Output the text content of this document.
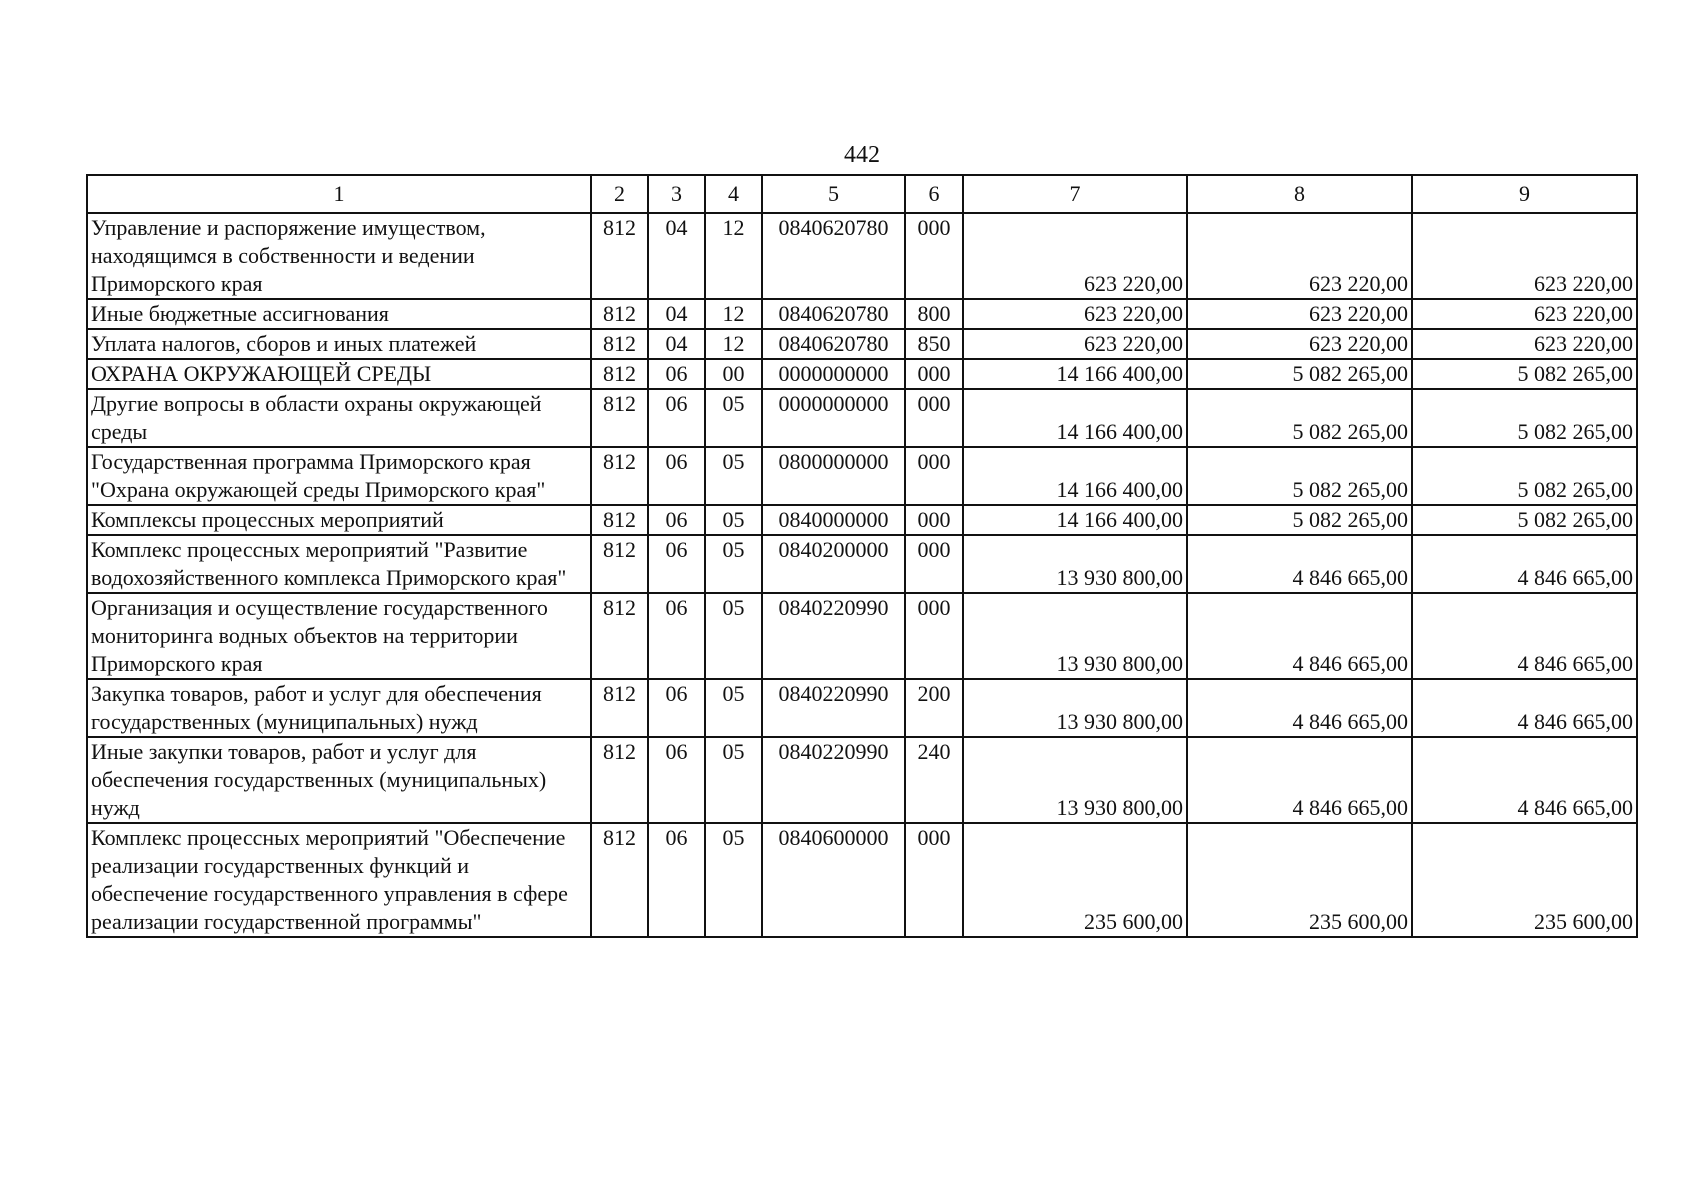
442
1	2	3	4	5	6	7	8	9
Управление и распоряжение имуществом, находящимся в собственности и ведении Приморского края	812	04	12	0840620780	000	623 220,00	623 220,00	623 220,00
Иные бюджетные ассигнования	812	04	12	0840620780	800	623 220,00	623 220,00	623 220,00
Уплата налогов, сборов и иных платежей	812	04	12	0840620780	850	623 220,00	623 220,00	623 220,00
ОХРАНА ОКРУЖАЮЩЕЙ СРЕДЫ	812	06	00	0000000000	000	14 166 400,00	5 082 265,00	5 082 265,00
Другие вопросы в области охраны окружающей среды	812	06	05	0000000000	000	14 166 400,00	5 082 265,00	5 082 265,00
Государственная программа Приморского края "Охрана окружающей среды Приморского края"	812	06	05	0800000000	000	14 166 400,00	5 082 265,00	5 082 265,00
Комплексы процессных мероприятий	812	06	05	0840000000	000	14 166 400,00	5 082 265,00	5 082 265,00
Комплекс процессных мероприятий "Развитие водохозяйственного комплекса Приморского края"	812	06	05	0840200000	000	13 930 800,00	4 846 665,00	4 846 665,00
Организация и осуществление государственного мониторинга водных объектов на территории Приморского края	812	06	05	0840220990	000	13 930 800,00	4 846 665,00	4 846 665,00
Закупка товаров, работ и услуг для обеспечения государственных (муниципальных) нужд	812	06	05	0840220990	200	13 930 800,00	4 846 665,00	4 846 665,00
Иные закупки товаров, работ и услуг для обеспечения государственных (муниципальных) нужд	812	06	05	0840220990	240	13 930 800,00	4 846 665,00	4 846 665,00
Комплекс процессных мероприятий "Обеспечение реализации государственных функций и обеспечение государственного управления в сфере реализации государственной программы"	812	06	05	0840600000	000	235 600,00	235 600,00	235 600,00
